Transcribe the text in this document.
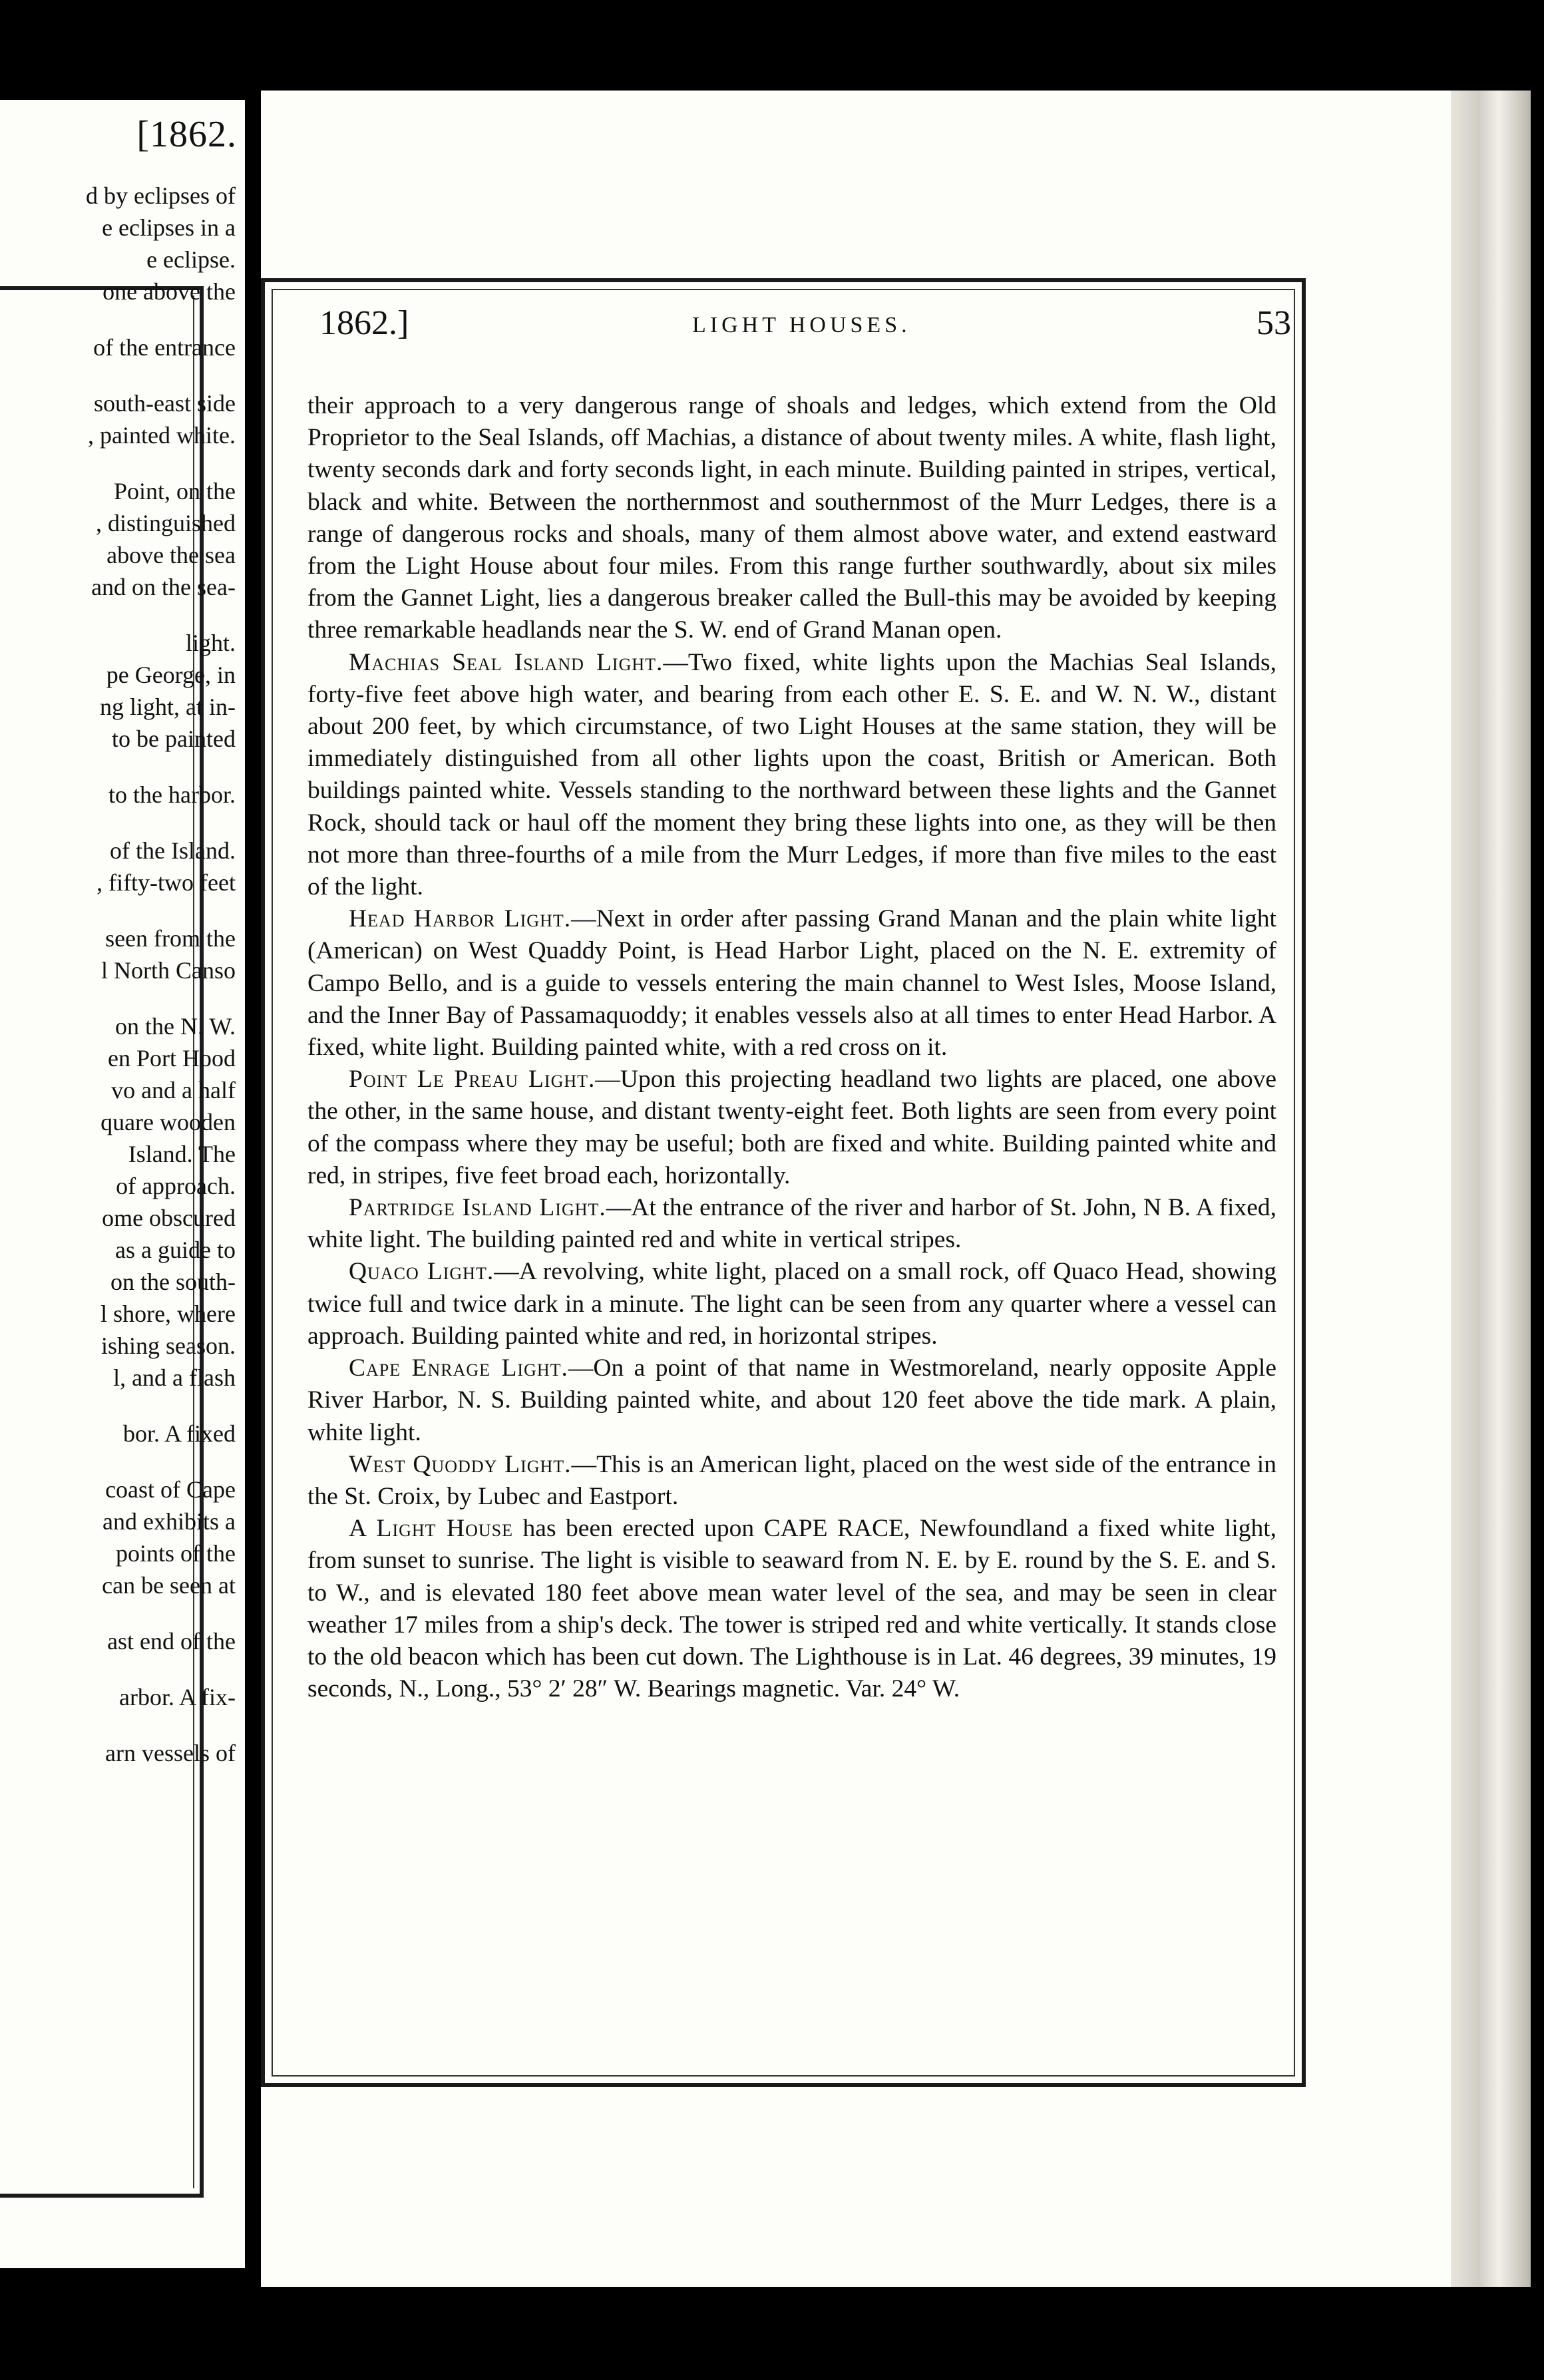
[1862.
d by eclipses of
e eclipses in a
e eclipse.
one above the
of the entrance
south-east side
, painted white.
Point, on the
, distinguished
above the sea
and on the sea-
light.
pe George, in
ng light, at in-
to be painted
to the harbor.
of the Island.
, fifty-two feet
seen from the
l North Canso
on the N. W.
en Port Hood
vo and a half
quare wooden
Island. The
of approach.
ome obscured
as a guide to
on the south-
l shore, where
ishing season.
l, and a flash
bor. A fixed
coast of Cape
and exhibits a
points of the
can be seen at
ast end of the
arbor. A fix-
arn vessels of
1862.]	LIGHT HOUSES.	53

their approach to a very dangerous range of shoals and ledges, which extend from the Old Proprietor to the Seal Islands, off Machias, a distance of about twenty miles. A white, flash light, twenty seconds dark and forty seconds light, in each minute. Building painted in stripes, vertical, black and white. Between the northernmost and southernmost of the Murr Ledges, there is a range of dangerous rocks and shoals, many of them almost above water, and extend eastward from the Light House about four miles. From this range further southwardly, about six miles from the Gannet Light, lies a dangerous breaker called the Bull-this may be avoided by keeping three remarkable headlands near the S. W. end of Grand Manan open.

Machias Seal Island Light.—Two fixed, white lights upon the Machias Seal Islands, forty-five feet above high water, and bearing from each other E. S. E. and W. N. W., distant about 200 feet, by which circumstance, of two Light Houses at the same station, they will be immediately distinguished from all other lights upon the coast, British or American. Both buildings painted white. Vessels standing to the northward between these lights and the Gannet Rock, should tack or haul off the moment they bring these lights into one, as they will be then not more than three-fourths of a mile from the Murr Ledges, if more than five miles to the east of the light.

Head Harbor Light.—Next in order after passing Grand Manan and the plain white light (American) on West Quaddy Point, is Head Harbor Light, placed on the N. E. extremity of Campo Bello, and is a guide to vessels entering the main channel to West Isles, Moose Island, and the Inner Bay of Passamaquoddy; it enables vessels also at all times to enter Head Harbor. A fixed, white light. Building painted white, with a red cross on it.

Point Le Preau Light.—Upon this projecting headland two lights are placed, one above the other, in the same house, and distant twenty-eight feet. Both lights are seen from every point of the compass where they may be useful; both are fixed and white. Building painted white and red, in stripes, five feet broad each, horizontally.

Partridge Island Light.—At the entrance of the river and harbor of St. John, N B. A fixed, white light. The building painted red and white in vertical stripes.

Quaco Light.—A revolving, white light, placed on a small rock, off Quaco Head, showing twice full and twice dark in a minute. The light can be seen from any quarter where a vessel can approach. Building painted white and red, in horizontal stripes.

Cape Enrage Light.—On a point of that name in Westmoreland, nearly opposite Apple River Harbor, N. S. Building painted white, and about 120 feet above the tide mark. A plain, white light.

West Quoddy Light.—This is an American light, placed on the west side of the entrance in the St. Croix, by Lubec and Eastport.

A Light House has been erected upon CAPE RACE, Newfoundland a fixed white light, from sunset to sunrise. The light is visible to seaward from N. E. by E. round by the S. E. and S. to W., and is elevated 180 feet above mean water level of the sea, and may be seen in clear weather 17 miles from a ship's deck. The tower is striped red and white vertically. It stands close to the old beacon which has been cut down. The Lighthouse is in Lat. 46 degrees, 39 minutes, 19 seconds, N., Long., 53° 2′ 28″ W. Bearings magnetic. Var. 24° W.
